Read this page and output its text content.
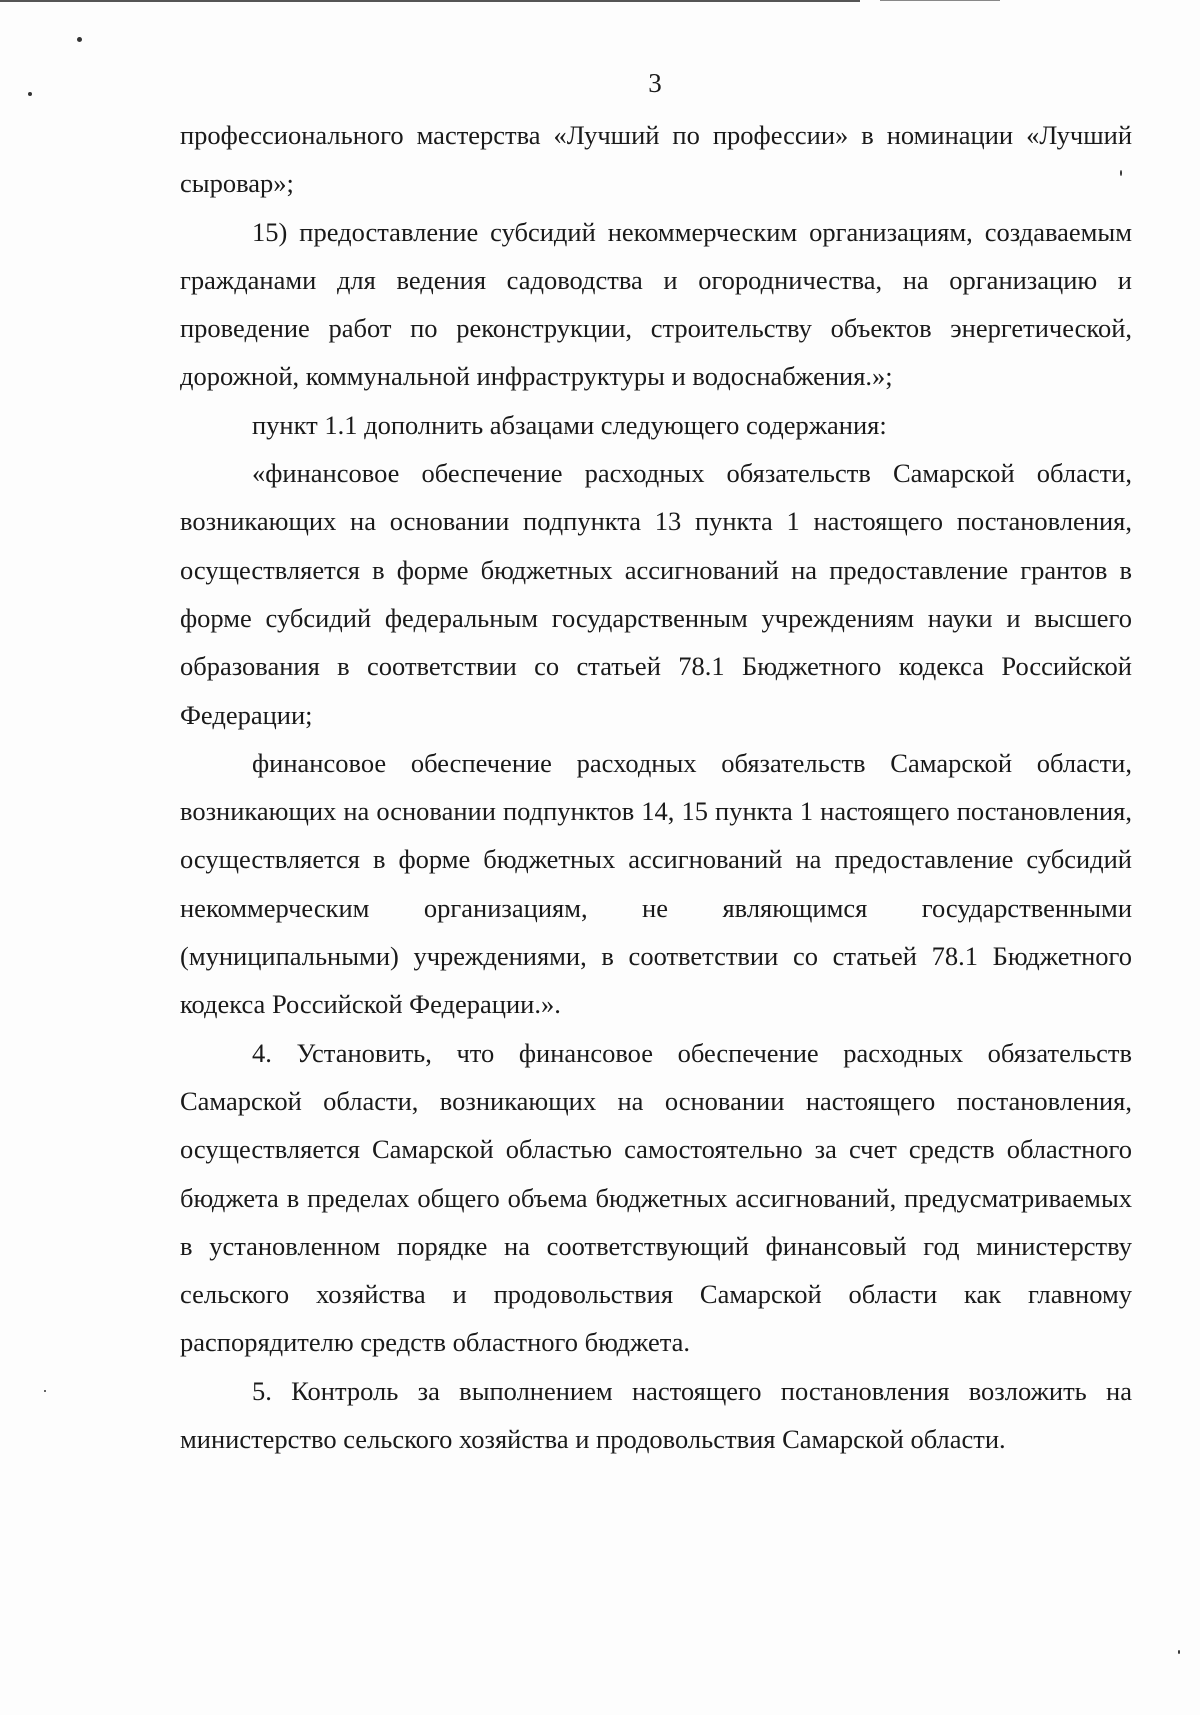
3

профессионального мастерства «Лучший по профессии» в номинации «Лучший сыровар»;

15) предоставление субсидий некоммерческим организациям, создаваемым гражданами для ведения садоводства и огородничества, на организацию и проведение работ по реконструкции, строительству объектов энергетической, дорожной, коммунальной инфраструктуры и водоснабжения.»;

пункт 1.1 дополнить абзацами следующего содержания:

«финансовое обеспечение расходных обязательств Самарской области, возникающих на основании подпункта 13 пункта 1 настоящего постановления, осуществляется в форме бюджетных ассигнований на предоставление грантов в форме субсидий федеральным государственным учреждениям науки и высшего образования в соответствии со статьей 78.1 Бюджетного кодекса Российской Федерации;

финансовое обеспечение расходных обязательств Самарской области, возникающих на основании подпунктов 14, 15 пункта 1 настоящего постановления, осуществляется в форме бюджетных ассигнований на предоставление субсидий некоммерческим организациям, не являющимся государственными (муниципальными) учреждениями, в соответствии со статьей 78.1 Бюджетного кодекса Российской Федерации.».

4. Установить, что финансовое обеспечение расходных обязательств Самарской области, возникающих на основании настоящего постановления, осуществляется Самарской областью самостоятельно за счет средств областного бюджета в пределах общего объема бюджетных ассигнований, предусматриваемых в установленном порядке на соответствующий финансовый год министерству сельского хозяйства и продовольствия Самарской области как главному распорядителю средств областного бюджета.

5. Контроль за выполнением настоящего постановления возложить на министерство сельского хозяйства и продовольствия Самарской области.
